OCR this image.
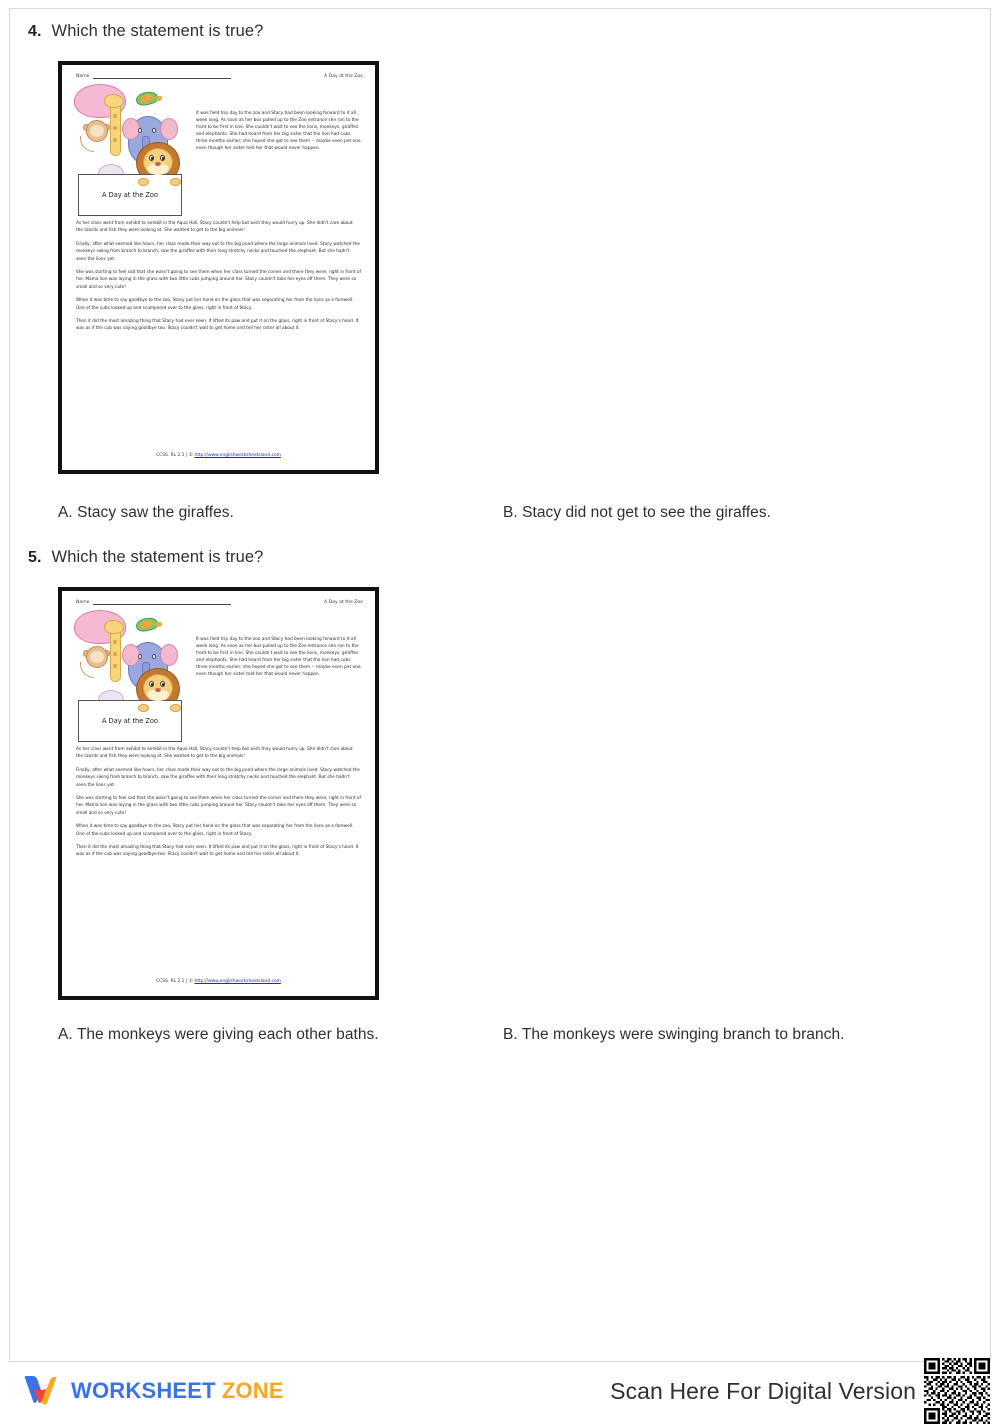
4. Which the statement is true?
Name	A Day at the Zoo
A Day at the Zoo
It was field trip day to the zoo and Stacy had been looking forward to it all week long. As soon as her bus pulled up to the Zoo entrance she ran to the front to be first in line. She couldn't wait to see the lions, monkeys, giraffes and elephants. She had heard from her big sister that the lion had cubs three months earlier; she hoped she got to see them -- maybe even pet one, even though her sister told her that would never happen.

As her class went from exhibit to exhibit in the Aqua Hall, Stacy couldn't help but wish they would hurry up. She didn't care about the lizards and fish they were looking at. She wanted to get to the big animals!

Finally, after what seemed like hours, her class made their way out to the big pond where the large animals lived. Stacy watched the monkeys swing from branch to branch, saw the giraffes with their long stretchy necks and touched the elephant. But she hadn't seen the lions yet.

She was starting to feel sad that she wasn't going to see them when her class turned the corner and there they were, right in front of her. Mama lion was laying in the grass with two little cubs jumping around her. Stacy couldn't take her eyes off them. They were so small and so very cute!

When it was time to say goodbye to the zoo, Stacy put her hand on the glass that was separating her from the lions as a farewell. One of the cubs looked up and scampered over to the glass, right in front of Stacy.

Then it did the most amazing thing that Stacy had ever seen. It lifted its paw and put it on the glass, right in front of Stacy's hand. It was as if the cub was saying goodbye too. Stacy couldn't wait to get home and tell her sister all about it.

CCSS. RL 2.1 | © http://www.englishworksheetsland.com
A. Stacy saw the giraffes.	B. Stacy did not get to see the giraffes.
5. Which the statement is true?
Name	A Day at the Zoo
A Day at the Zoo
It was field trip day to the zoo and Stacy had been looking forward to it all week long. As soon as her bus pulled up to the Zoo entrance she ran to the front to be first in line. She couldn't wait to see the lions, monkeys, giraffes and elephants. She had heard from her big sister that the lion had cubs three months earlier; she hoped she got to see them -- maybe even pet one, even though her sister told her that would never happen.

As her class went from exhibit to exhibit in the Aqua Hall, Stacy couldn't help but wish they would hurry up. She didn't care about the lizards and fish they were looking at. She wanted to get to the big animals!

Finally, after what seemed like hours, her class made their way out to the big pond where the large animals lived. Stacy watched the monkeys swing from branch to branch, saw the giraffes with their long stretchy necks and touched the elephant. But she hadn't seen the lions yet.

She was starting to feel sad that she wasn't going to see them when her class turned the corner and there they were, right in front of her. Mama lion was laying in the grass with two little cubs jumping around her. Stacy couldn't take her eyes off them. They were so small and so very cute!

When it was time to say goodbye to the zoo, Stacy put her hand on the glass that was separating her from the lions as a farewell. One of the cubs looked up and scampered over to the glass, right in front of Stacy.

Then it did the most amazing thing that Stacy had ever seen. It lifted its paw and put it on the glass, right in front of Stacy's hand. It was as if the cub was saying goodbye too. Stacy couldn't wait to get home and tell her sister all about it.

CCSS. RL 2.1 | © http://www.englishworksheetsland.com
A. The monkeys were giving each other baths.	B. The monkeys were swinging branch to branch.
WORKSHEET ZONE	Scan Here For Digital Version
